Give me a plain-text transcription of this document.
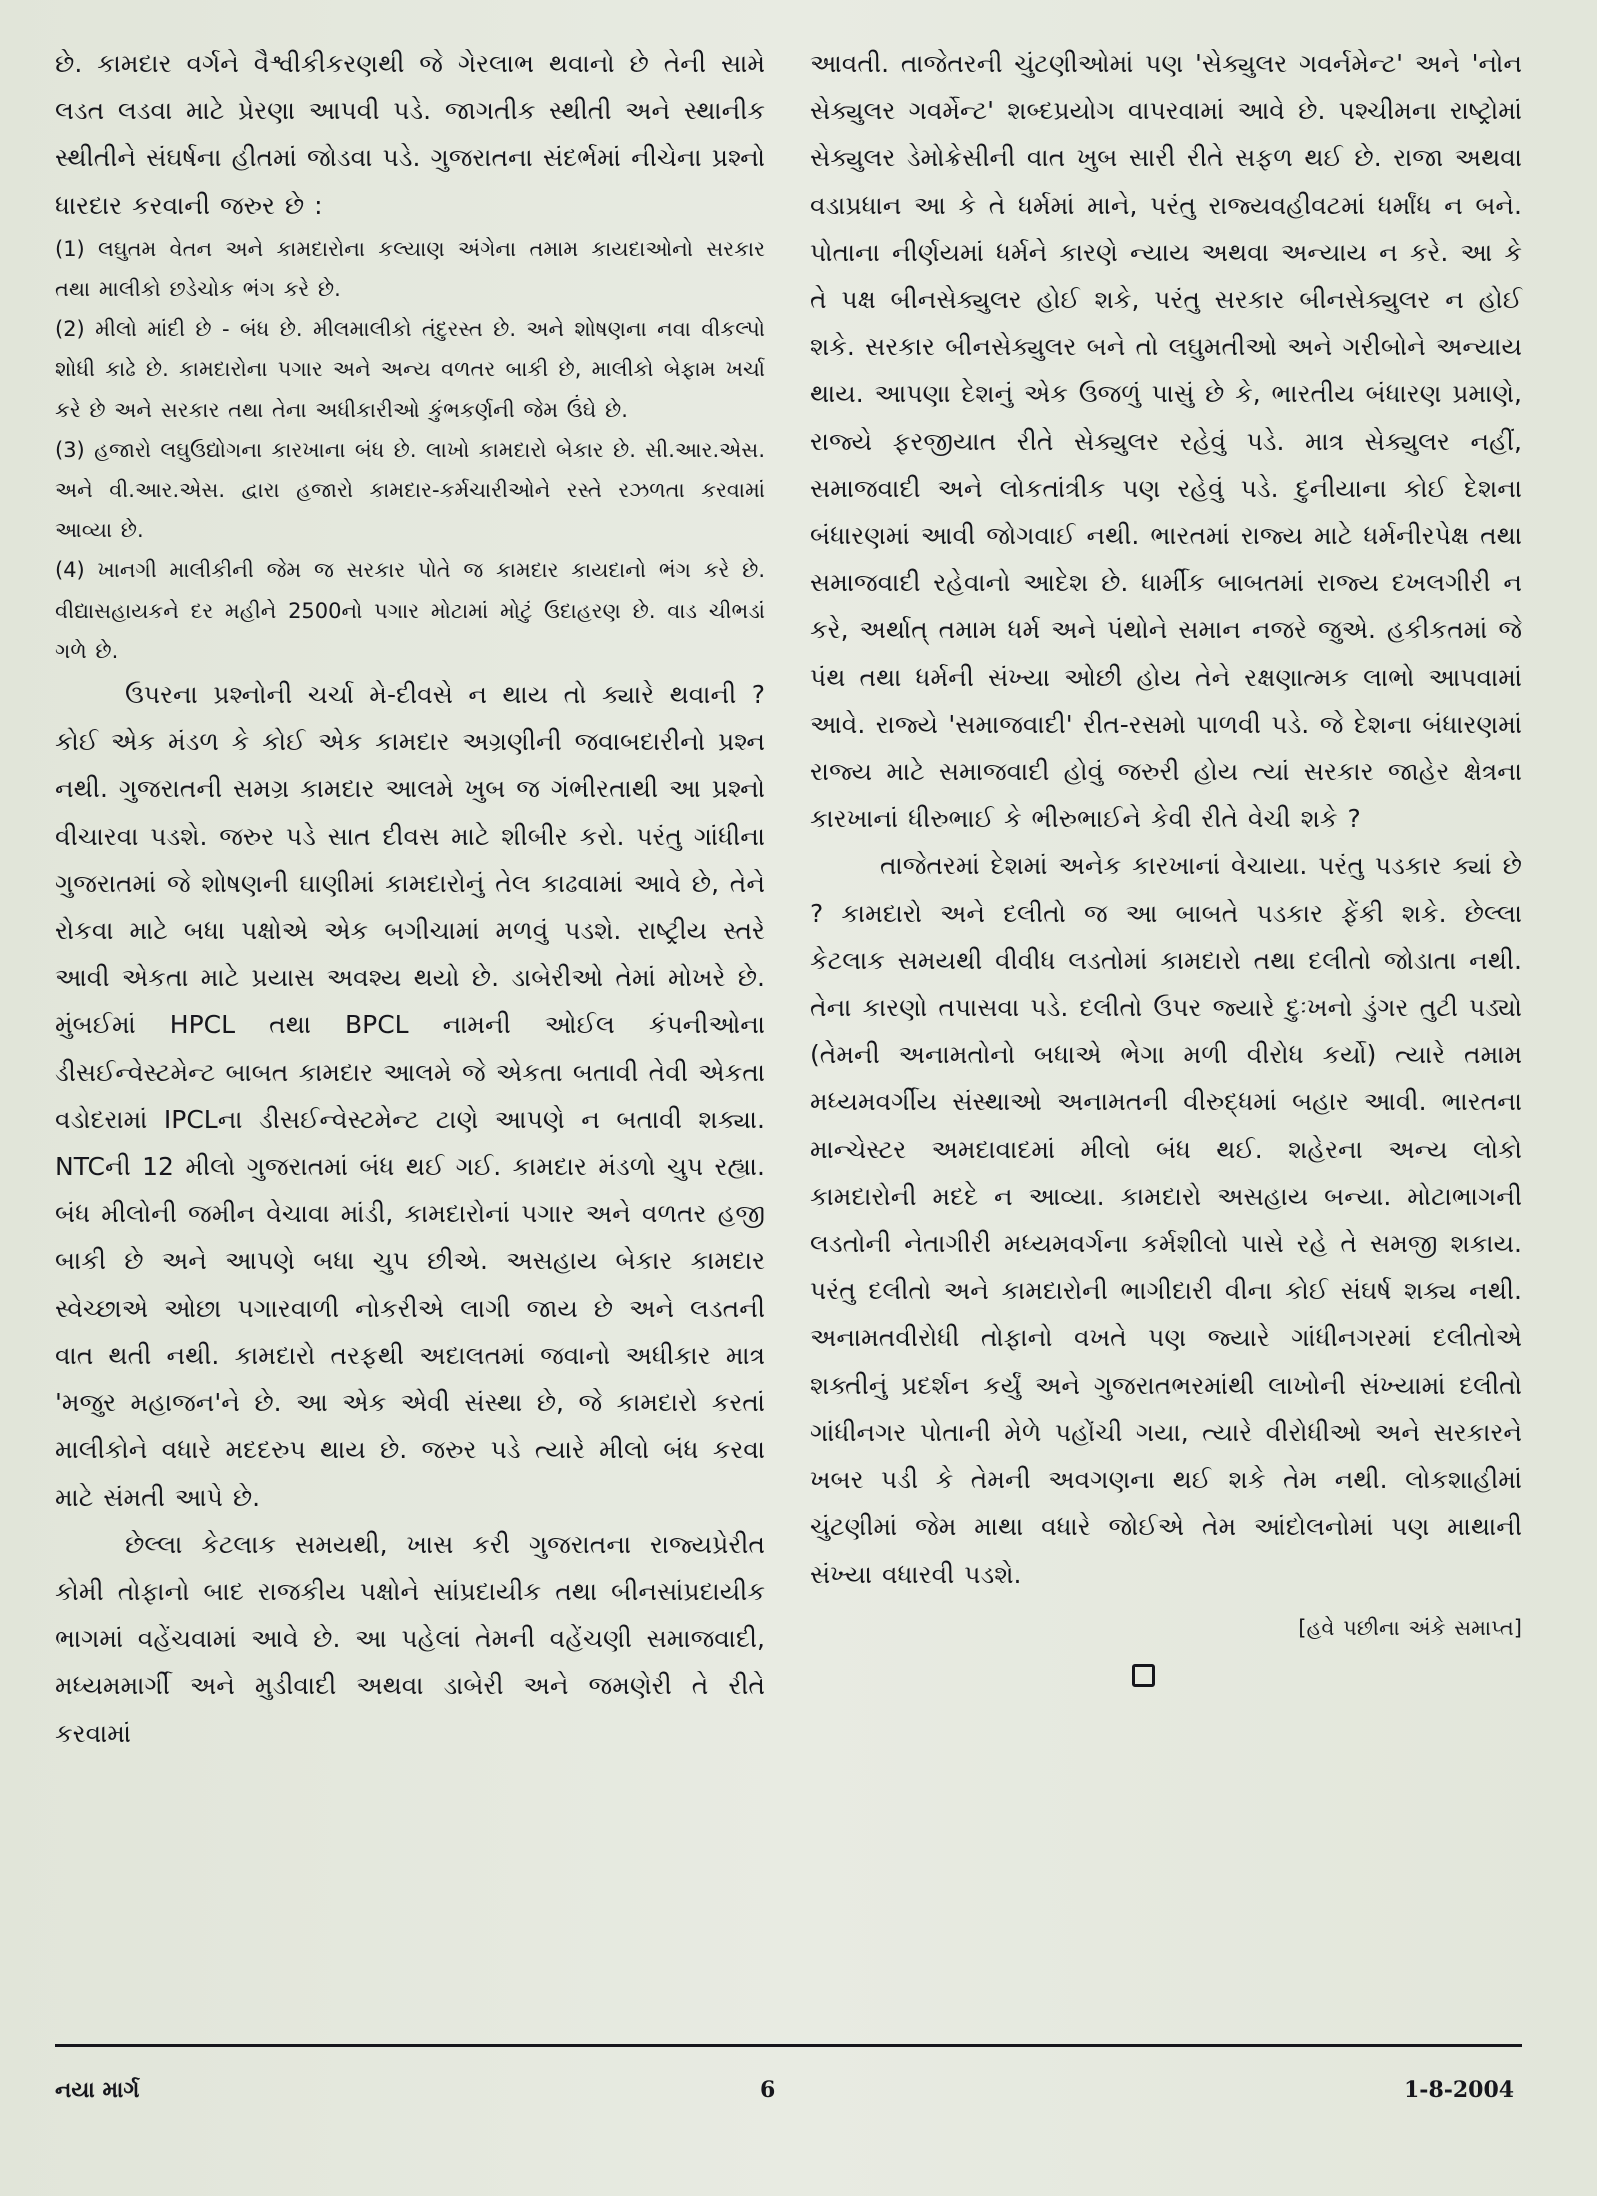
છે. કામદાર વર્ગને વૈશ્વીકીકરણથી જે ગેરલાભ થવાનો છે તેની સામે લડત લડવા માટે પ્રેરણા આપવી પડે. જાગતીક સ્થીતી અને સ્થાનીક સ્થીતીને સંઘર્ષના હીતમાં જોડવા પડે. ગુજરાતના સંદર્ભમાં નીચેના પ્રશ્નો ધારદાર કરવાની જરુર છે :

(1) લઘુતમ વેતન અને કામદારોના કલ્યાણ અંગેના તમામ કાયદાઓનો સરકાર તથા માલીકો છડેચોક ભંગ કરે છે.

(2) મીલો માંદી છે - બંધ છે. મીલમાલીકો તંદુરસ્ત છે. અને શોષણના નવા વીકલ્પો શોધી કાઢે છે. કામદારોના પગાર અને અન્ય વળતર બાકી છે, માલીકો બેફામ ખર્ચા કરે છે અને સરકાર તથા તેના અધીકારીઓ કુંભકર્ણની જેમ ઉંઘે છે.

(3) હજારો લઘુઉદ્યોગના કારખાના બંધ છે. લાખો કામદારો બેકાર છે. સી.આર.એસ. અને વી.આર.એસ. દ્વારા હજારો કામદાર-કર્મચારીઓને રસ્તે રઝળતા કરવામાં આવ્યા છે.

(4) ખાનગી માલીકીની જેમ જ સરકાર પોતે જ કામદાર કાયદાનો ભંગ કરે છે. વીદ્યાસહાયકને દર મહીને 2500નો પગાર મોટામાં મોટું ઉદાહરણ છે. વાડ ચીભડાં ગળે છે.

ઉપરના પ્રશ્નોની ચર્ચા મે-દીવસે ન થાય તો ક્યારે થવાની ? કોઈ એક મંડળ કે કોઈ એક કામદાર અગ્રણીની જવાબદારીનો પ્રશ્ન નથી. ગુજરાતની સમગ્ર કામદાર આલમે ખુબ જ ગંભીરતાથી આ પ્રશ્નો વીચારવા પડશે. જરુર પડે સાત દીવસ માટે શીબીર કરો. પરંતુ ગાંધીના ગુજરાતમાં જે શોષણની ઘાણીમાં કામદારોનું તેલ કાઢવામાં આવે છે, તેને રોકવા માટે બધા પક્ષોએ એક બગીચામાં મળવું પડશે. રાષ્ટ્રીય સ્તરે આવી એકતા માટે પ્રયાસ અવશ્ય થયો છે. ડાબેરીઓ તેમાં મોખરે છે. મુંબઈમાં HPCL તથા BPCL નામની ઓઈલ કંપનીઓના ડીસઈન્વેસ્ટમેન્ટ બાબત કામદાર આલમે જે એકતા બતાવી તેવી એકતા વડોદરામાં IPCLના ડીસઈન્વેસ્ટમેન્ટ ટાણે આપણે ન બતાવી શક્યા. NTCની 12 મીલો ગુજરાતમાં બંધ થઈ ગઈ. કામદાર મંડળો ચુપ રહ્યા. બંધ મીલોની જમીન વેચાવા માંડી, કામદારોનાં પગાર અને વળતર હજી બાકી છે અને આપણે બધા ચુપ છીએ. અસહાય બેકાર કામદાર સ્વેચ્છાએ ઓછા પગારવાળી નોકરીએ લાગી જાય છે અને લડતની વાત થતી નથી. કામદારો તરફથી અદાલતમાં જવાનો અધીકાર માત્ર 'મજુર મહાજન'ને છે. આ એક એવી સંસ્થા છે, જે કામદારો કરતાં માલીકોને વધારે મદદરુપ થાય છે. જરુર પડે ત્યારે મીલો બંધ કરવા માટે સંમતી આપે છે.

છેલ્લા કેટલાક સમયથી, ખાસ કરી ગુજરાતના રાજ્યપ્રેરીત કોમી તોફાનો બાદ રાજકીય પક્ષોને સાંપ્રદાયીક તથા બીનસાંપ્રદાયીક ભાગમાં વહેંચવામાં આવે છે. આ પહેલાં તેમની વહેંચણી સમાજવાદી, મધ્યમમાર્ગી અને મુડીવાદી અથવા ડાબેરી અને જમણેરી તે રીતે કરવામાં

આવતી. તાજેતરની ચુંટણીઓમાં પણ 'સેક્યુલર ગવર્નમેન્ટ' અને 'નોન સેક્યુલર ગવર્મેન્ટ' શબ્દપ્રયોગ વાપરવામાં આવે છે. પશ્ચીમના રાષ્ટ્રોમાં સેક્યુલર ડેમોક્રેસીની વાત ખુબ સારી રીતે સફળ થઈ છે. રાજા અથવા વડાપ્રધાન આ કે તે ધર્મમાં માને, પરંતુ રાજ્યવહીવટમાં ધર્માંધ ન બને. પોતાના નીર્ણયમાં ધર્મને કારણે ન્યાય અથવા અન્યાય ન કરે. આ કે તે પક્ષ બીનસેક્યુલર હોઈ શકે, પરંતુ સરકાર બીનસેક્યુલર ન હોઈ શકે. સરકાર બીનસેક્યુલર બને તો લઘુમતીઓ અને ગરીબોને અન્યાય થાય. આપણા દેશનું એક ઉજળું પાસું છે કે, ભારતીય બંધારણ પ્રમાણે, રાજ્યે ફરજીયાત રીતે સેક્યુલર રહેવું પડે. માત્ર સેક્યુલર નહીં, સમાજવાદી અને લોકતાંત્રીક પણ રહેવું પડે. દુનીયાના કોઈ દેશના બંધારણમાં આવી જોગવાઈ નથી. ભારતમાં રાજ્ય માટે ધર્મનીરપેક્ષ તથા સમાજવાદી રહેવાનો આદેશ છે. ધાર્મીક બાબતમાં રાજ્ય દખલગીરી ન કરે, અર્થાત્ તમામ ધર્મ અને પંથોને સમાન નજરે જુએ. હકીકતમાં જે પંથ તથા ધર્મની સંખ્યા ઓછી હોય તેને રક્ષણાત્મક લાભો આપવામાં આવે. રાજ્યે 'સમાજવાદી' રીત-રસમો પાળવી પડે. જે દેશના બંધારણમાં રાજ્ય માટે સમાજવાદી હોવું જરુરી હોય ત્યાં સરકાર જાહેર ક્ષેત્રના કારખાનાં ધીરુભાઈ કે ભીરુભાઈને કેવી રીતે વેચી શકે ?

તાજેતરમાં દેશમાં અનેક કારખાનાં વેચાયા. પરંતુ પડકાર ક્યાં છે ? કામદારો અને દલીતો જ આ બાબતે પડકાર ફેંકી શકે. છેલ્લા કેટલાક સમયથી વીવીધ લડતોમાં કામદારો તથા દલીતો જોડાતા નથી. તેના કારણો તપાસવા પડે. દલીતો ઉપર જ્યારે દુઃખનો ડુંગર તુટી પડ્યો (તેમની અનામતોનો બધાએ ભેગા મળી વીરોધ કર્યો) ત્યારે તમામ મધ્યમવર્ગીય સંસ્થાઓ અનામતની વીરુદ્ધમાં બહાર આવી. ભારતના માન્ચેસ્ટર અમદાવાદમાં મીલો બંધ થઈ. શહેરના અન્ય લોકો કામદારોની મદદે ન આવ્યા. કામદારો અસહાય બન્યા. મોટાભાગની લડતોની નેતાગીરી મધ્યમવર્ગના કર્મશીલો પાસે રહે તે સમજી શકાય. પરંતુ દલીતો અને કામદારોની ભાગીદારી વીના કોઈ સંઘર્ષ શક્ય નથી. અનામતવીરોધી તોફાનો વખતે પણ જ્યારે ગાંધીનગરમાં દલીતોએ શક્તીનું પ્રદર્શન કર્યું અને ગુજરાતભરમાંથી લાખોની સંખ્યામાં દલીતો ગાંધીનગર પોતાની મેળે પહોંચી ગયા, ત્યારે વીરોધીઓ અને સરકારને ખબર પડી કે તેમની અવગણના થઈ શકે તેમ નથી. લોકશાહીમાં ચુંટણીમાં જેમ માથા વધારે જોઈએ તેમ આંદોલનોમાં પણ માથાની સંખ્યા વધારવી પડશે.

[હવે પછીના અંકે સમાપ્ત]
નયા માર્ગ	6	1-8-2004
